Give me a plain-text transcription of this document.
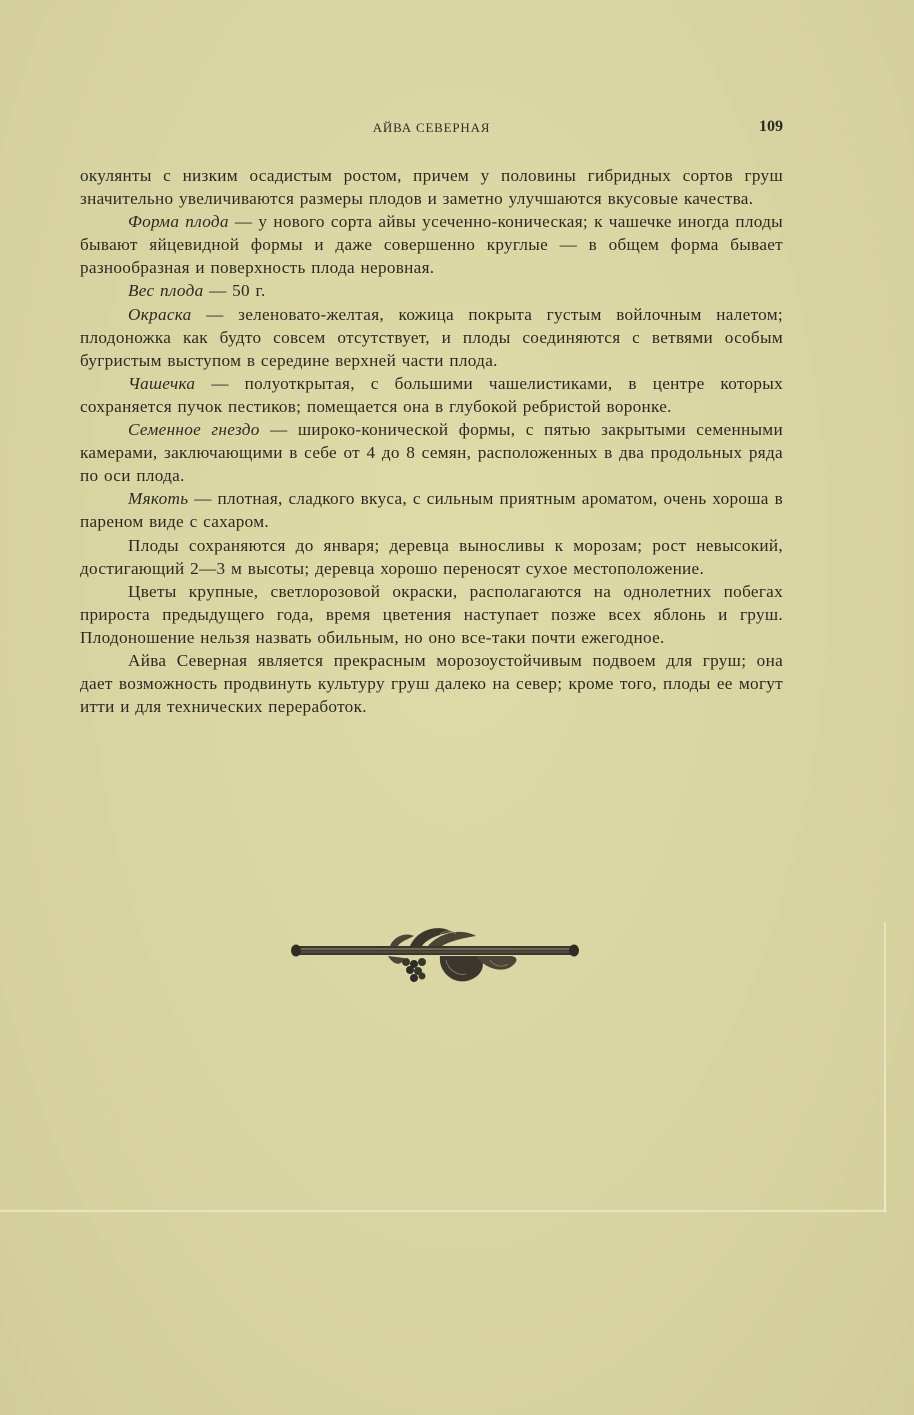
АЙВА СЕВЕРНАЯ	109

окулянты с низким осадистым ростом, причем у половины гибридных сортов груш значительно увеличиваются размеры плодов и заметно улучшаются вкусовые качества.

Форма плода — у нового сорта айвы усеченно-коническая; к чашечке иногда плоды бывают яйцевидной формы и даже совершенно круглые — в общем форма бывает разнообразная и поверхность плода неровная.

Вес плода — 50 г.

Окраска — зеленовато-желтая, кожица покрыта густым войлочным налетом; плодоножка как будто совсем отсутствует, и плоды соединяются с ветвями особым бугристым выступом в середине верхней части плода.

Чашечка — полуоткрытая, с большими чашелистиками, в центре которых сохраняется пучок пестиков; помещается она в глубокой ребристой воронке.

Семенное гнездо — широко-конической формы, с пятью закрытыми семенными камерами, заключающими в себе от 4 до 8 семян, расположенных в два продольных ряда по оси плода.

Мякоть — плотная, сладкого вкуса, с сильным приятным ароматом, очень хороша в пареном виде с сахаром.

Плоды сохраняются до января; деревца выносливы к морозам; рост невысокий, достигающий 2—3 м высоты; деревца хорошо переносят сухое местоположение.

Цветы крупные, светлорозовой окраски, располагаются на однолетних побегах прироста предыдущего года, время цветения наступает позже всех яблонь и груш. Плодоношение нельзя назвать обильным, но оно все-таки почти ежегодное.

Айва Северная является прекрасным морозоустойчивым подвоем для груш; она дает возможность продвинуть культуру груш далеко на север; кроме того, плоды ее могут итти и для технических переработок.
